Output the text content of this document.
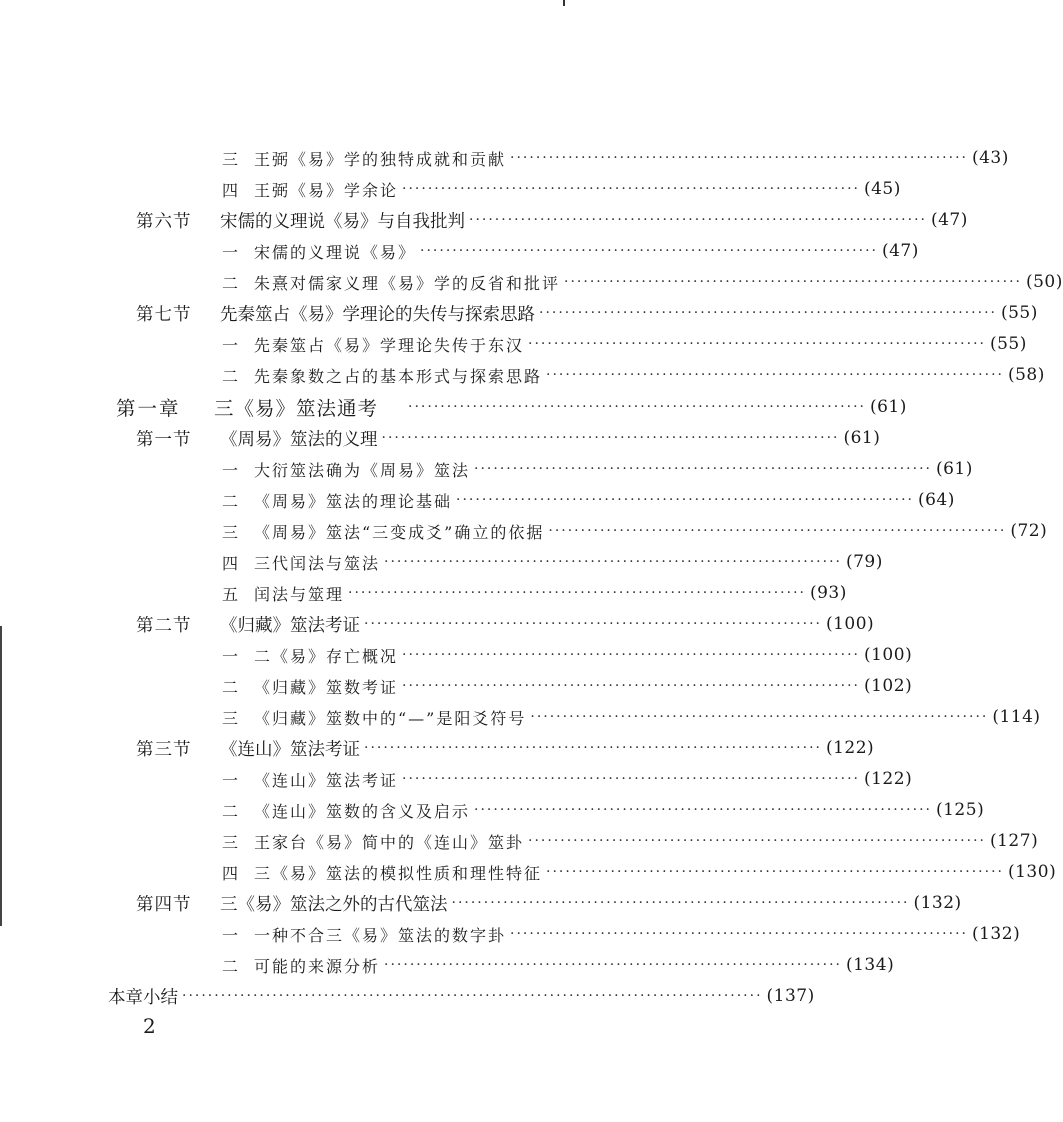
三 王弼《易》学的独特成就和贡献 ······································································· (43)
四 王弼《易》学余论 ······································································· (45)
第六节	宋儒的义理说《易》与自我批判 ······································································· (47)
一 宋儒的义理说《易》 ······································································· (47)
二 朱熹对儒家义理《易》学的反省和批评 ······································································· (50)
第七节	先秦筮占《易》学理论的失传与探索思路 ······································································· (55)
一 先秦筮占《易》学理论失传于东汉 ······································································· (55)
二 先秦象数之占的基本形式与探索思路 ······································································· (58)
第一章	三《易》筮法通考 ······································································· (61)
第一节	《周易》筮法的义理 ······································································· (61)
一 大衍筮法确为《周易》筮法 ······································································· (61)
二 《周易》筮法的理论基础 ······································································· (64)
三 《周易》筮法“三变成爻”确立的依据 ······································································· (72)
四 三代闰法与筮法 ······································································· (79)
五 闰法与筮理 ······································································· (93)
第二节	《归藏》筮法考证 ······································································· (100)
一 二《易》存亡概况 ······································································· (100)
二 《归藏》筮数考证 ······································································· (102)
三 《归藏》筮数中的“—”是阳爻符号 ······································································· (114)
第三节	《连山》筮法考证 ······································································· (122)
一 《连山》筮法考证 ······································································· (122)
二 《连山》筮数的含义及启示 ······································································· (125)
三 王家台《易》简中的《连山》筮卦 ······································································· (127)
四 三《易》筮法的模拟性质和理性特征 ······································································· (130)
第四节	三《易》筮法之外的古代筮法 ······································································· (132)
一 一种不合三《易》筮法的数字卦 ······································································· (132)
二 可能的来源分析 ······································································· (134)
本章小结 ·························································································· (137)
2
